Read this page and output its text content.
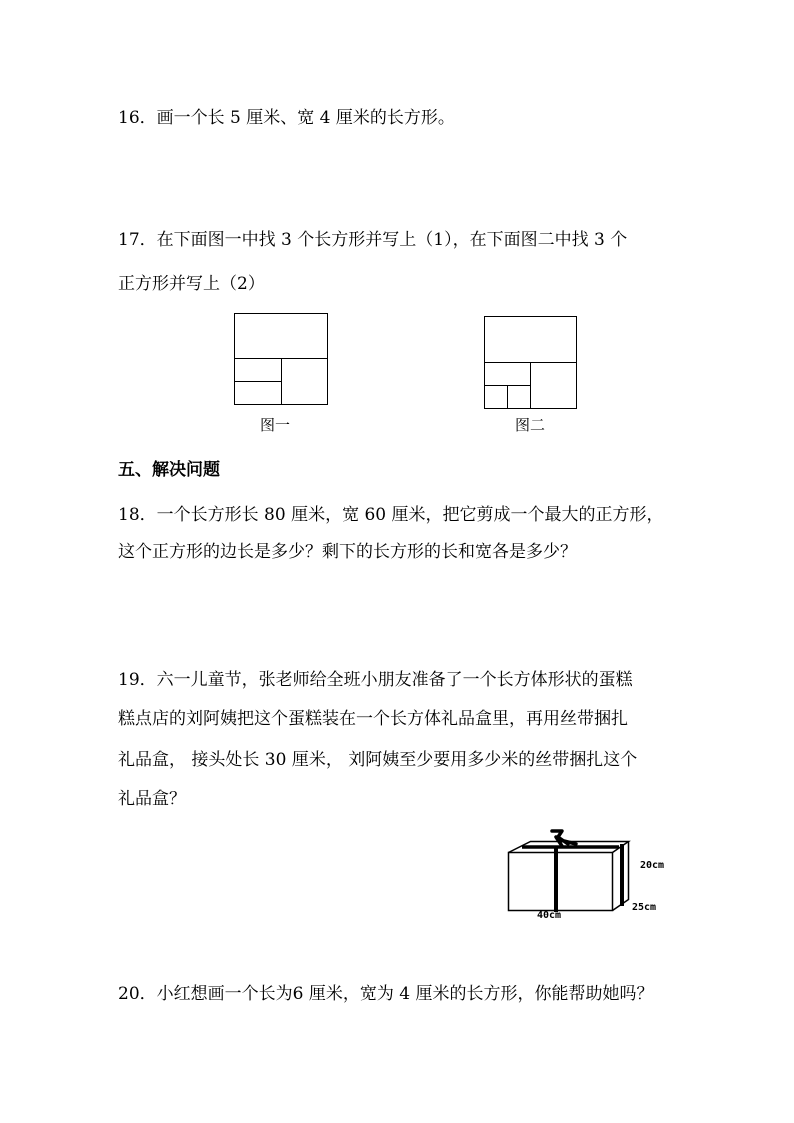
16．画一个长 5 厘米、宽 4 厘米的长方形。
17．在下面图一中找 3 个长方形并写上（1），在下面图二中找 3 个
正方形并写上（2）
图一	图二
五、解决问题
18．一个长方形长 80 厘米，宽 60 厘米，把它剪成一个最大的正方形，
这个正方形的边长是多少？剩下的长方形的长和宽各是多少？
19．六一儿童节，张老师给全班小朋友准备了一个长方体形状的蛋糕
糕点店的刘阿姨把这个蛋糕装在一个长方体礼品盒里，再用丝带捆扎
礼品盒， 接头处长 30 厘米， 刘阿姨至少要用多少米的丝带捆扎这个
礼品盒？
20cm
40cm
25cm
20．小红想画一个长为6 厘米，宽为 4 厘米的长方形，你能帮助她吗？
